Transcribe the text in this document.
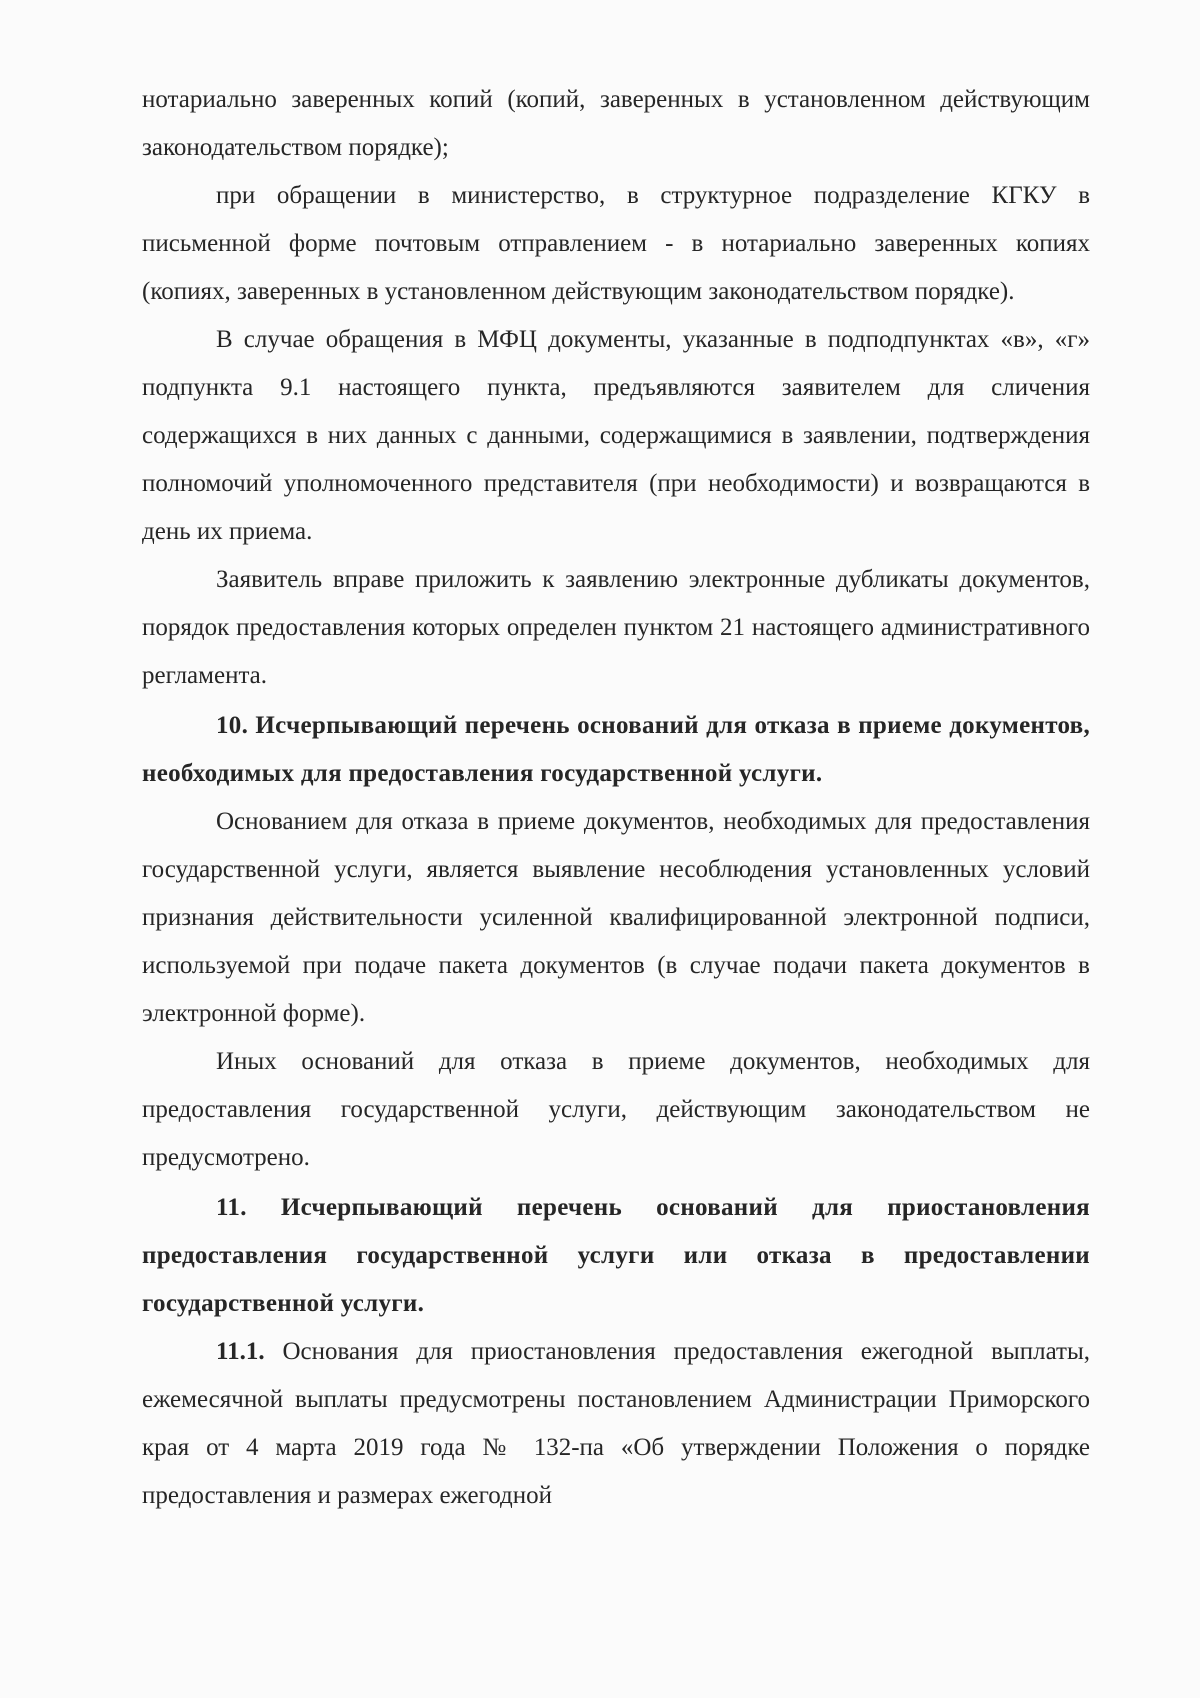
нотариально заверенных копий (копий, заверенных в установленном действующим законодательством порядке);

при обращении в министерство, в структурное подразделение КГКУ в письменной форме почтовым отправлением - в нотариально заверенных копиях (копиях, заверенных в установленном действующим законодательством порядке).

В случае обращения в МФЦ документы, указанные в подподпунктах «в», «г» подпункта 9.1 настоящего пункта, предъявляются заявителем для сличения содержащихся в них данных с данными, содержащимися в заявлении, подтверждения полномочий уполномоченного представителя (при необходимости) и возвращаются в день их приема.

Заявитель вправе приложить к заявлению электронные дубликаты документов, порядок предоставления которых определен пунктом 21 настоящего административного регламента.

10. Исчерпывающий перечень оснований для отказа в приеме документов, необходимых для предоставления государственной услуги.

Основанием для отказа в приеме документов, необходимых для предоставления государственной услуги, является выявление несоблюдения установленных условий признания действительности усиленной квалифицированной электронной подписи, используемой при подаче пакета документов (в случае подачи пакета документов в электронной форме).

Иных оснований для отказа в приеме документов, необходимых для предоставления государственной услуги, действующим законодательством не предусмотрено.

11. Исчерпывающий перечень оснований для приостановления предоставления государственной услуги или отказа в предоставлении государственной услуги.

11.1. Основания для приостановления предоставления ежегодной выплаты, ежемесячной выплаты предусмотрены постановлением Администрации Приморского края от 4 марта 2019 года № 132-па «Об утверждении Положения о порядке предоставления и размерах ежегодной
